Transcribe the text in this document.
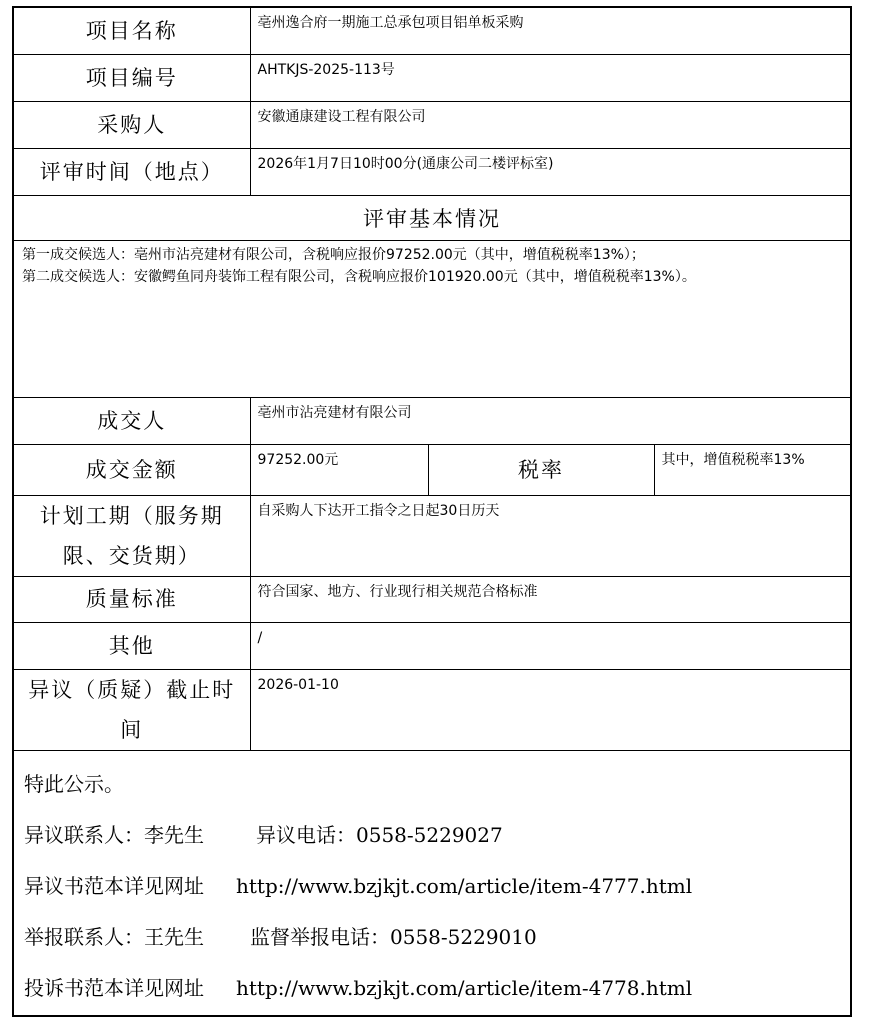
项目名称	亳州逸合府一期施工总承包项目铝单板采购		
项目编号	AHTKJS-2025-113号		
采购人	安徽通康建设工程有限公司		
评审时间（地点）	2026年1月7日10时00分(通康公司二楼评标室)		
评审基本情况			

第一成交候选人：亳州市沾亮建材有限公司，含税响应报价97252.00元（其中，增值税税率13%）；
第二成交候选人：安徽鳄鱼同舟装饰工程有限公司，含税响应报价101920.00元（其中，增值税税率13%）。			

成交人	亳州市沾亮建材有限公司		
成交金额	97252.00元	税率	其中，增值税税率13%

计划工期（服务期
限、交货期）	自采购人下达开工指令之日起30日历天		
质量标准	符合国家、地方、行业现行相关规范合格标准		
其他	/		

异议（质疑）截止时
间	2026-01-10		

特此公示。
异议联系人：李先生 异议电话：0558-5229027
异议书范本详见网址 http://www.bzjkjt.com/article/item-4777.html
举报联系人：王先生 监督举报电话：0558-5229010
投诉书范本详见网址 http://www.bzjkjt.com/article/item-4778.html			
